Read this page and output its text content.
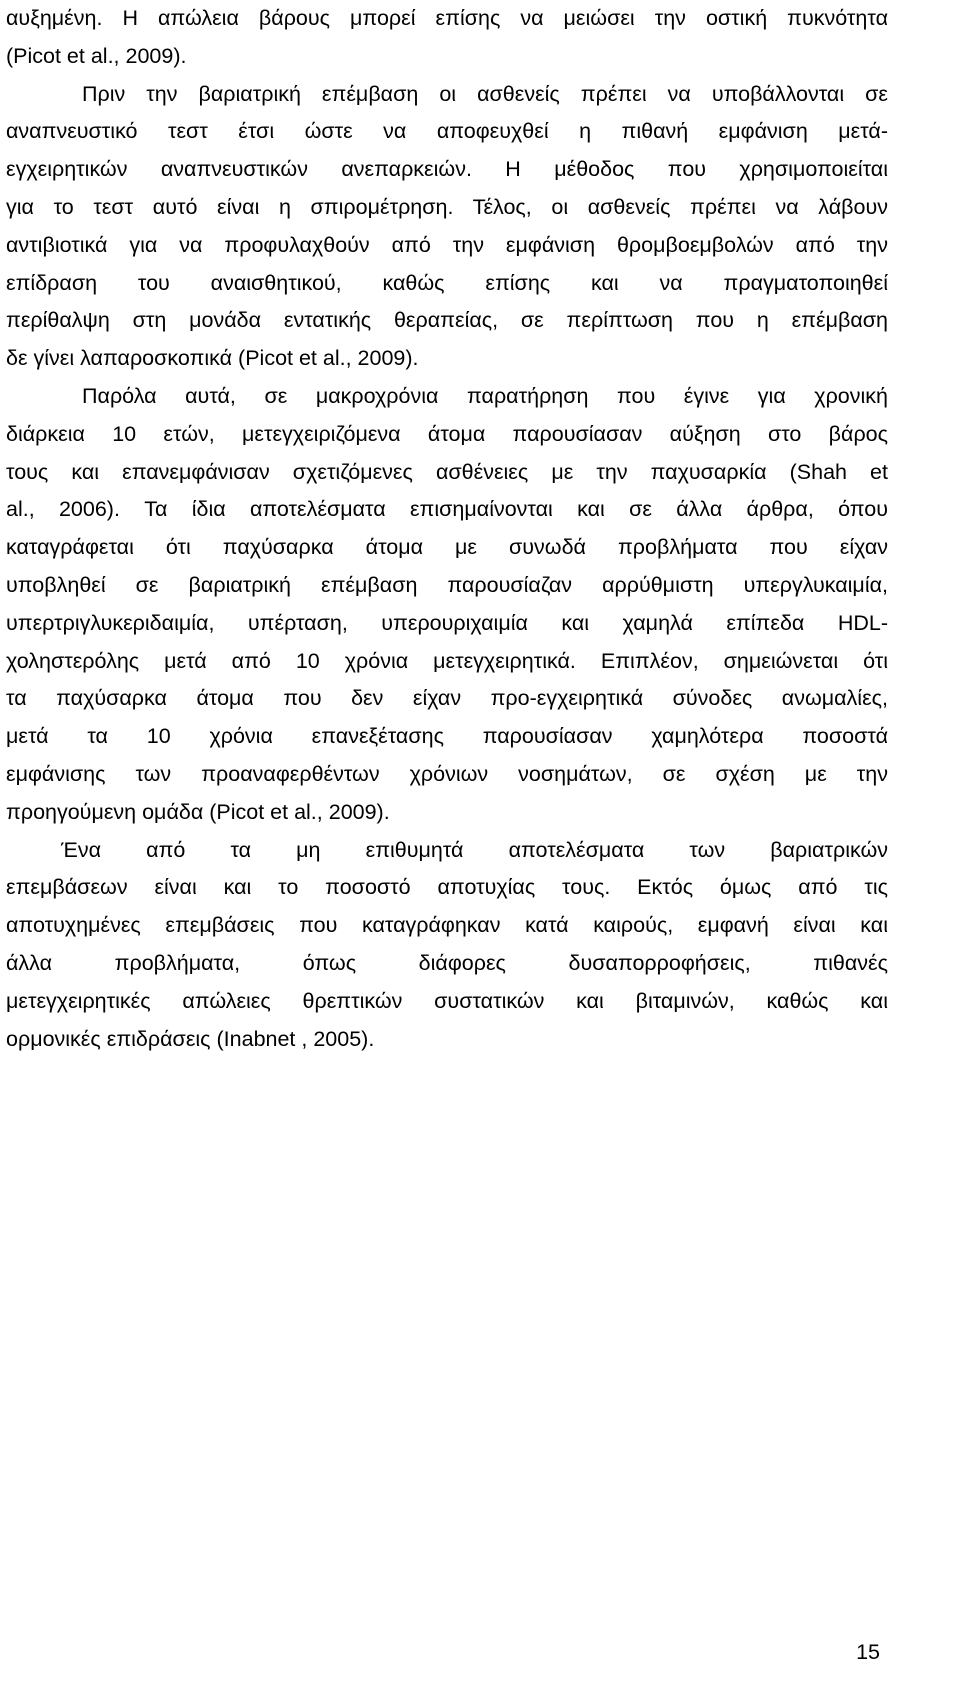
αυξημένη. Η απώλεια βάρους μπορεί επίσης να μειώσει την οστική πυκνότητα
(Picot et al., 2009).
Πριν την βαριατρική επέμβαση οι ασθενείς πρέπει να υποβάλλονται σε
αναπνευστικό τεστ έτσι ώστε να αποφευχθεί η πιθανή εμφάνιση μετά-
εγχειρητικών αναπνευστικών ανεπαρκειών. Η μέθοδος που χρησιμοποιείται
για το τεστ αυτό είναι η σπιρομέτρηση. Τέλος, οι ασθενείς πρέπει να λάβουν
αντιβιοτικά για να προφυλαχθούν από την εμφάνιση θρομβοεμβολών από την
επίδραση του αναισθητικού, καθώς επίσης και να πραγματοποιηθεί
περίθαλψη στη μονάδα εντατικής θεραπείας, σε περίπτωση που η επέμβαση
δε γίνει λαπαροσκοπικά (Picot et al., 2009).
Παρόλα αυτά, σε μακροχρόνια παρατήρηση που έγινε για χρονική
διάρκεια 10 ετών, μετεγχειριζόμενα άτομα παρουσίασαν αύξηση στο βάρος
τους και επανεμφάνισαν σχετιζόμενες ασθένειες με την παχυσαρκία (Shah et
al., 2006). Τα ίδια αποτελέσματα επισημαίνονται και σε άλλα άρθρα, όπου
καταγράφεται ότι παχύσαρκα άτομα με συνωδά προβλήματα που είχαν
υποβληθεί σε βαριατρική επέμβαση παρουσίαζαν αρρύθμιστη υπεργλυκαιμία,
υπερτριγλυκεριδαιμία, υπέρταση, υπερουριχαιμία και χαμηλά επίπεδα HDL-
χοληστερόλης μετά από 10 χρόνια μετεγχειρητικά. Επιπλέον, σημειώνεται ότι
τα παχύσαρκα άτομα που δεν είχαν προ-εγχειρητικά σύνοδες ανωμαλίες,
μετά τα 10 χρόνια επανεξέτασης παρουσίασαν χαμηλότερα ποσοστά
εμφάνισης των προαναφερθέντων χρόνιων νοσημάτων, σε σχέση με την
προηγούμενη ομάδα (Picot et al., 2009).
Ένα από τα μη επιθυμητά αποτελέσματα των βαριατρικών
επεμβάσεων είναι και το ποσοστό αποτυχίας τους. Εκτός όμως από τις
αποτυχημένες επεμβάσεις που καταγράφηκαν κατά καιρούς, εμφανή είναι και
άλλα προβλήματα, όπως διάφορες δυσαπορροφήσεις, πιθανές
μετεγχειρητικές απώλειες θρεπτικών συστατικών και βιταμινών, καθώς και
ορμονικές επιδράσεις (Inabnet , 2005).
15
